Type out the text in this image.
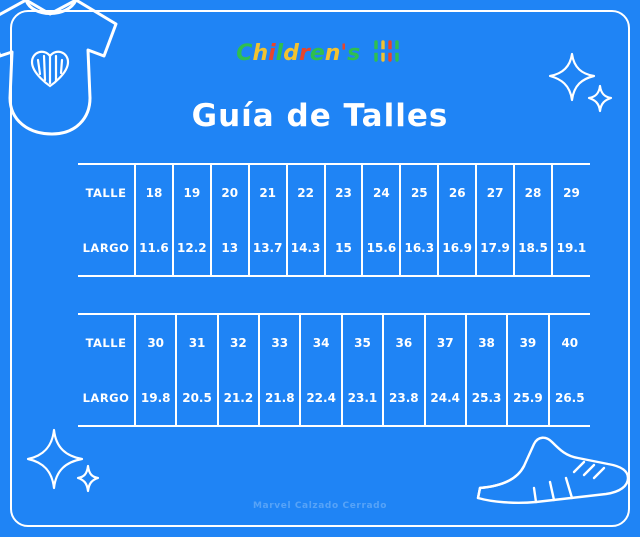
Children's
Guía de Talles
TALLE	18	19	20	21	22	23	24	25	26	27	28	29
LARGO	11.6	12.2	13	13.7	14.3	15	15.6	16.3	16.9	17.9	18.5	19.1
TALLE	30	31	32	33	34	35	36	37	38	39	40
LARGO	19.8	20.5	21.2	21.8	22.4	23.1	23.8	24.4	25.3	25.9	26.5
Marvel Calzado Cerrado
